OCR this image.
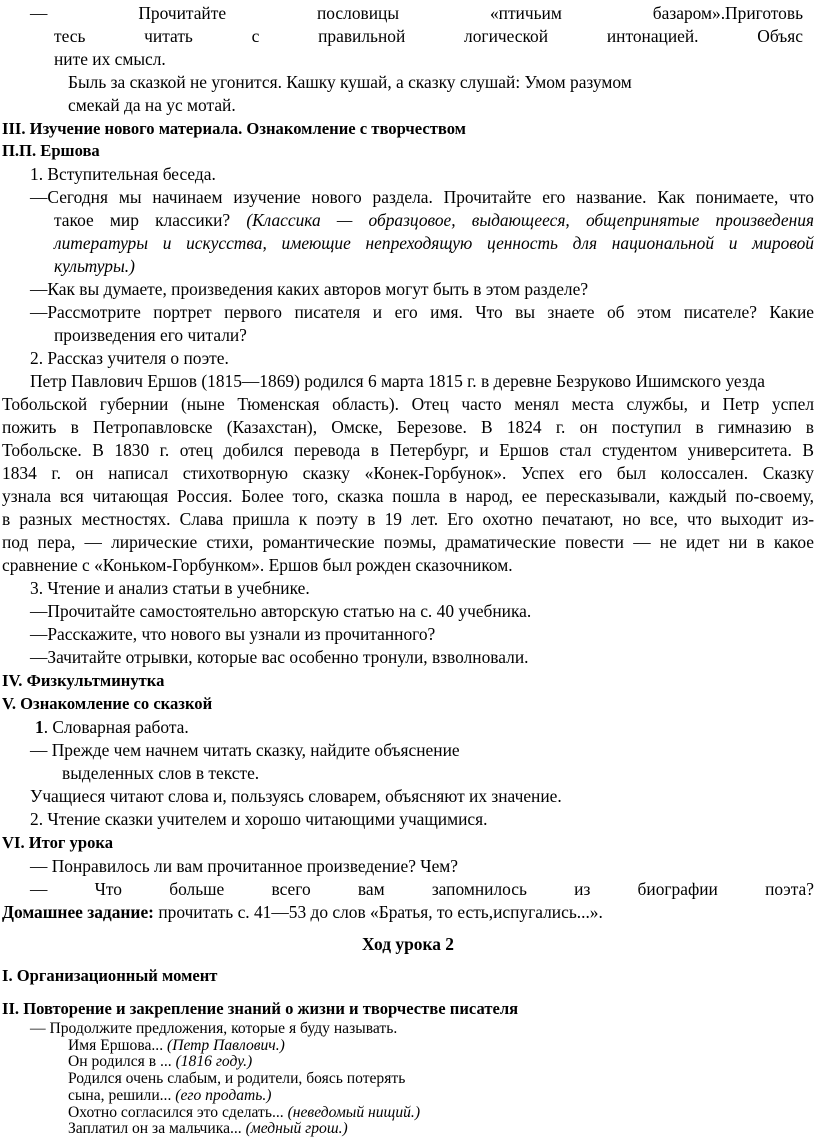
— Прочитайте пословицы «птичьим базаром».Приготовь
тесь читать с правильной логической интонацией. Объяс
ните их смысл.
Быль за сказкой не угонится. Кашку кушай, а сказку слушай: Умом разумом
смекай да на ус мотай.
III. Изучение нового материала. Ознакомление с творчеством
П.П. Ершова
1. Вступительная беседа.
—Сегодня мы начинаем изучение нового раздела. Прочитайте его название. Как понимаете, что
такое мир классики? (Классика — образцовое, выдающееся, общепринятые произведения
литературы и искусства, имеющие непреходящую ценность для национальной и мировой
культуры.)
—Как вы думаете, произведения каких авторов могут быть в этом разделе?
—Рассмотрите портрет первого писателя и его имя. Что вы знаете об этом писателе? Какие
произведения его читали?
2. Рассказ учителя о поэте.
Петр Павлович Ершов (1815—1869) родился 6 марта 1815 г. в деревне Безруково Ишимского уезда
Тобольской губернии (ныне Тюменская область). Отец часто менял места службы, и Петр успел
пожить в Петропавловске (Казахстан), Омске, Березове. В 1824 г. он поступил в гимназию в
Тобольске. В 1830 г. отец добился перевода в Петербург, и Ершов стал студентом университета. В
1834 г. он написал стихотворную сказку «Конек-Горбунок». Успех его был колоссален. Сказку
узнала вся читающая Россия. Более того, сказка пошла в народ, ее пересказывали, каждый по-своему,
в разных местностях. Слава пришла к поэту в 19 лет. Его охотно печатают, но все, что выходит из-
под пера, — лирические стихи, романтические поэмы, драматические повести — не идет ни в какое
сравнение с «Коньком-Горбунком». Ершов был рожден сказочником.
3. Чтение и анализ статьи в учебнике.
—Прочитайте самостоятельно авторскую статью на с. 40 учебника.
—Расскажите, что нового вы узнали из прочитанного?
—Зачитайте отрывки, которые вас особенно тронули, взволновали.
IV. Физкультминутка
V. Ознакомление со сказкой
1. Словарная работа.
— Прежде чем начнем читать сказку, найдите объяснение
выделенных слов в тексте.
Учащиеся читают слова и, пользуясь словарем, объясняют их значение.
2. Чтение сказки учителем и хорошо читающими учащимися.
VI. Итог урока
— Понравилось ли вам прочитанное произведение? Чем?
— Что больше всего вам запомнилось из биографии поэта?
Домашнее задание: прочитать с. 41—53 до слов «Братья, то есть,испугались...».
Ход урока 2
I. Организационный момент
II. Повторение и закрепление знаний о жизни и творчестве писателя
— Продолжите предложения, которые я буду называть.
Имя Ершова... (Петр Павлович.)
Он родился в ... (1816 году.)
Родился очень слабым, и родители, боясь потерять
сына, решили... (его продать.)
Охотно согласился это сделать... (неведомый нищий.)
Заплатил он за мальчика... (медный грош.)
